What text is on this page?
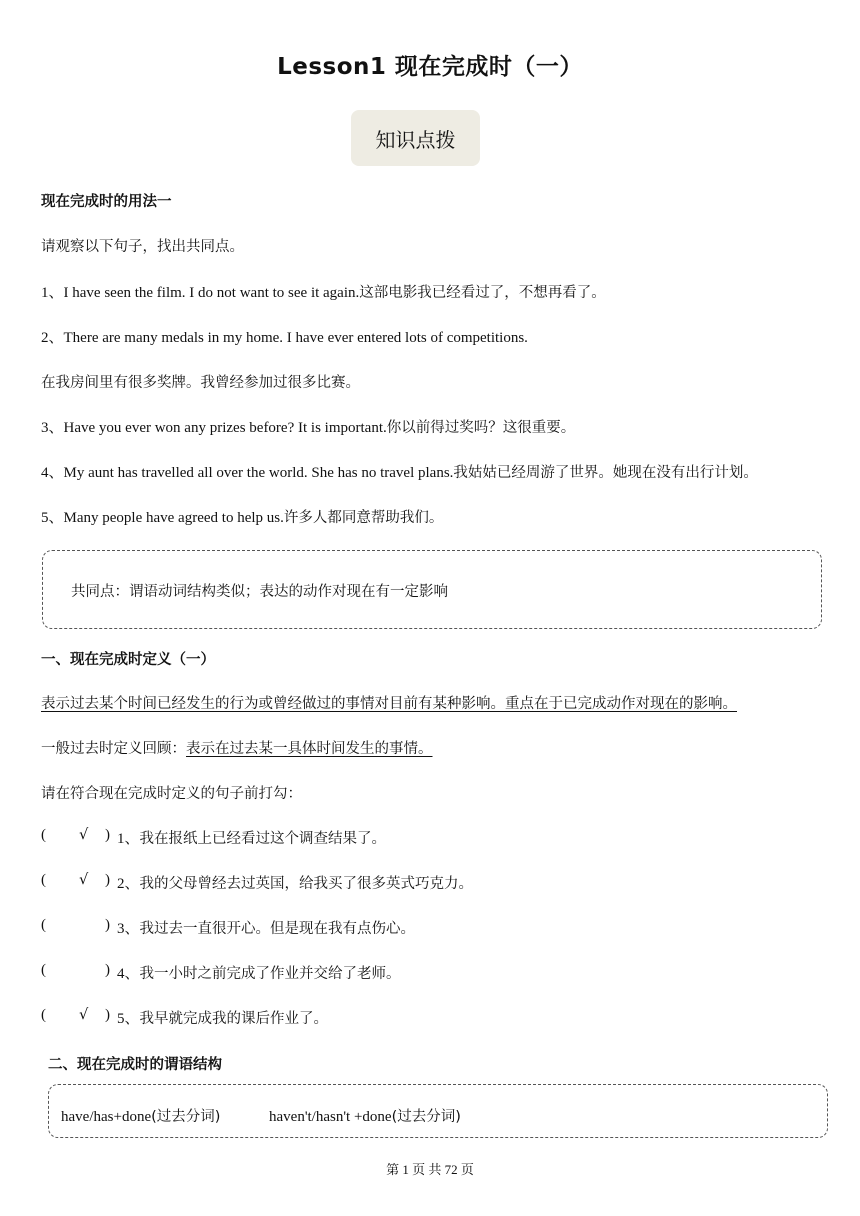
Lesson1 现在完成时（一）
知识点拨
现在完成时的用法一
请观察以下句子，找出共同点。
1、I have seen the film. I do not want to see it again.这部电影我已经看过了，不想再看了。
2、There are many medals in my home. I have ever entered lots of competitions.
在我房间里有很多奖牌。我曾经参加过很多比赛。
3、Have you ever won any prizes before? It is important.你以前得过奖吗？这很重要。
4、My aunt has travelled all over the world. She has no travel plans.我姑姑已经周游了世界。她现在没有出行计划。
5、Many people have agreed to help us.许多人都同意帮助我们。
共同点：谓语动词结构类似；表达的动作对现在有一定影响
一、现在完成时定义（一）
表示过去某个时间已经发生的行为或曾经做过的事情对目前有某种影响。重点在于已完成动作对现在的影响。
一般过去时定义回顾：表示在过去某一具体时间发生的事情。
请在符合现在完成时定义的句子前打勾：
( √ ) 1、我在报纸上已经看过这个调查结果了。
( √ ) 2、我的父母曾经去过英国，给我买了很多英式巧克力。
(	) 3、我过去一直很开心。但是现在我有点伤心。
(	) 4、我一小时之前完成了作业并交给了老师。
( √ ) 5、我早就完成我的课后作业了。
二、现在完成时的谓语结构
have/has+done(过去分词)	haven't/hasn't +done(过去分词)
第 1 页 共 72 页
